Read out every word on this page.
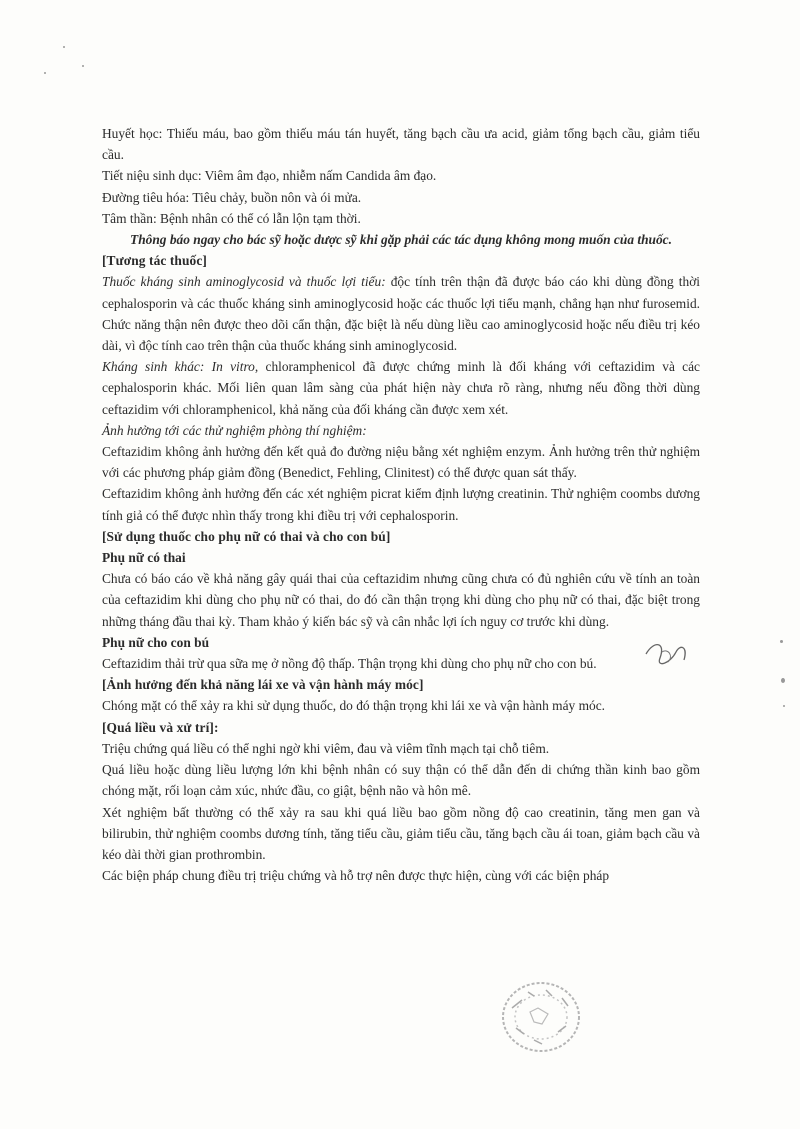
Huyết học: Thiếu máu, bao gồm thiếu máu tán huyết, tăng bạch cầu ưa acid, giảm tổng bạch cầu, giảm tiểu cầu.

Tiết niệu sinh dục: Viêm âm đạo, nhiễm nấm Candida âm đạo.

Đường tiêu hóa: Tiêu chảy, buồn nôn và ói mửa.

Tâm thần: Bệnh nhân có thể có lẫn lộn tạm thời.

Thông báo ngay cho bác sỹ hoặc dược sỹ khi gặp phải các tác dụng không mong muốn của thuốc.

[Tương tác thuốc]

Thuốc kháng sinh aminoglycosid và thuốc lợi tiểu: độc tính trên thận đã được báo cáo khi dùng đồng thời cephalosporin và các thuốc kháng sinh aminoglycosid hoặc các thuốc lợi tiểu mạnh, chẳng hạn như furosemid. Chức năng thận nên được theo dõi cẩn thận, đặc biệt là nếu dùng liều cao aminoglycosid hoặc nếu điều trị kéo dài, vì độc tính cao trên thận của thuốc kháng sinh aminoglycosid.

Kháng sinh khác: In vitro, chloramphenicol đã được chứng minh là đối kháng với ceftazidim và các cephalosporin khác. Mối liên quan lâm sàng của phát hiện này chưa rõ ràng, nhưng nếu đồng thời dùng ceftazidim với chloramphenicol, khả năng của đối kháng cần được xem xét.

Ảnh hưởng tới các thử nghiệm phòng thí nghiệm:

Ceftazidim không ảnh hưởng đến kết quả đo đường niệu bằng xét nghiệm enzym. Ảnh hưởng trên thử nghiệm với các phương pháp giảm đồng (Benedict, Fehling, Clinitest) có thể được quan sát thấy.

Ceftazidim không ảnh hưởng đến các xét nghiệm picrat kiểm định lượng creatinin. Thử nghiệm coombs dương tính giả có thể được nhìn thấy trong khi điều trị với cephalosporin.

[Sử dụng thuốc cho phụ nữ có thai và cho con bú]

Phụ nữ có thai

Chưa có báo cáo về khả năng gây quái thai của ceftazidim nhưng cũng chưa có đủ nghiên cứu về tính an toàn của ceftazidim khi dùng cho phụ nữ có thai, do đó cần thận trọng khi dùng cho phụ nữ có thai, đặc biệt trong những tháng đầu thai kỳ. Tham khảo ý kiến bác sỹ và cân nhắc lợi ích nguy cơ trước khi dùng.

Phụ nữ cho con bú

Ceftazidim thải trừ qua sữa mẹ ở nồng độ thấp. Thận trọng khi dùng cho phụ nữ cho con bú.

[Ảnh hưởng đến khả năng lái xe và vận hành máy móc]

Chóng mặt có thể xảy ra khi sử dụng thuốc, do đó thận trọng khi lái xe và vận hành máy móc.

[Quá liều và xử trí]:

Triệu chứng quá liều có thể nghi ngờ khi viêm, đau và viêm tĩnh mạch tại chỗ tiêm.

Quá liều hoặc dùng liều lượng lớn khi bệnh nhân có suy thận có thể dẫn đến di chứng thần kinh bao gồm chóng mặt, rối loạn cảm xúc, nhức đầu, co giật, bệnh não và hôn mê.

Xét nghiệm bất thường có thể xảy ra sau khi quá liều bao gồm nồng độ cao creatinin, tăng men gan và bilirubin, thử nghiệm coombs dương tính, tăng tiểu cầu, giảm tiểu cầu, tăng bạch cầu ái toan, giảm bạch cầu và kéo dài thời gian prothrombin.

Các biện pháp chung điều trị triệu chứng và hỗ trợ nên được thực hiện, cùng với các biện pháp
